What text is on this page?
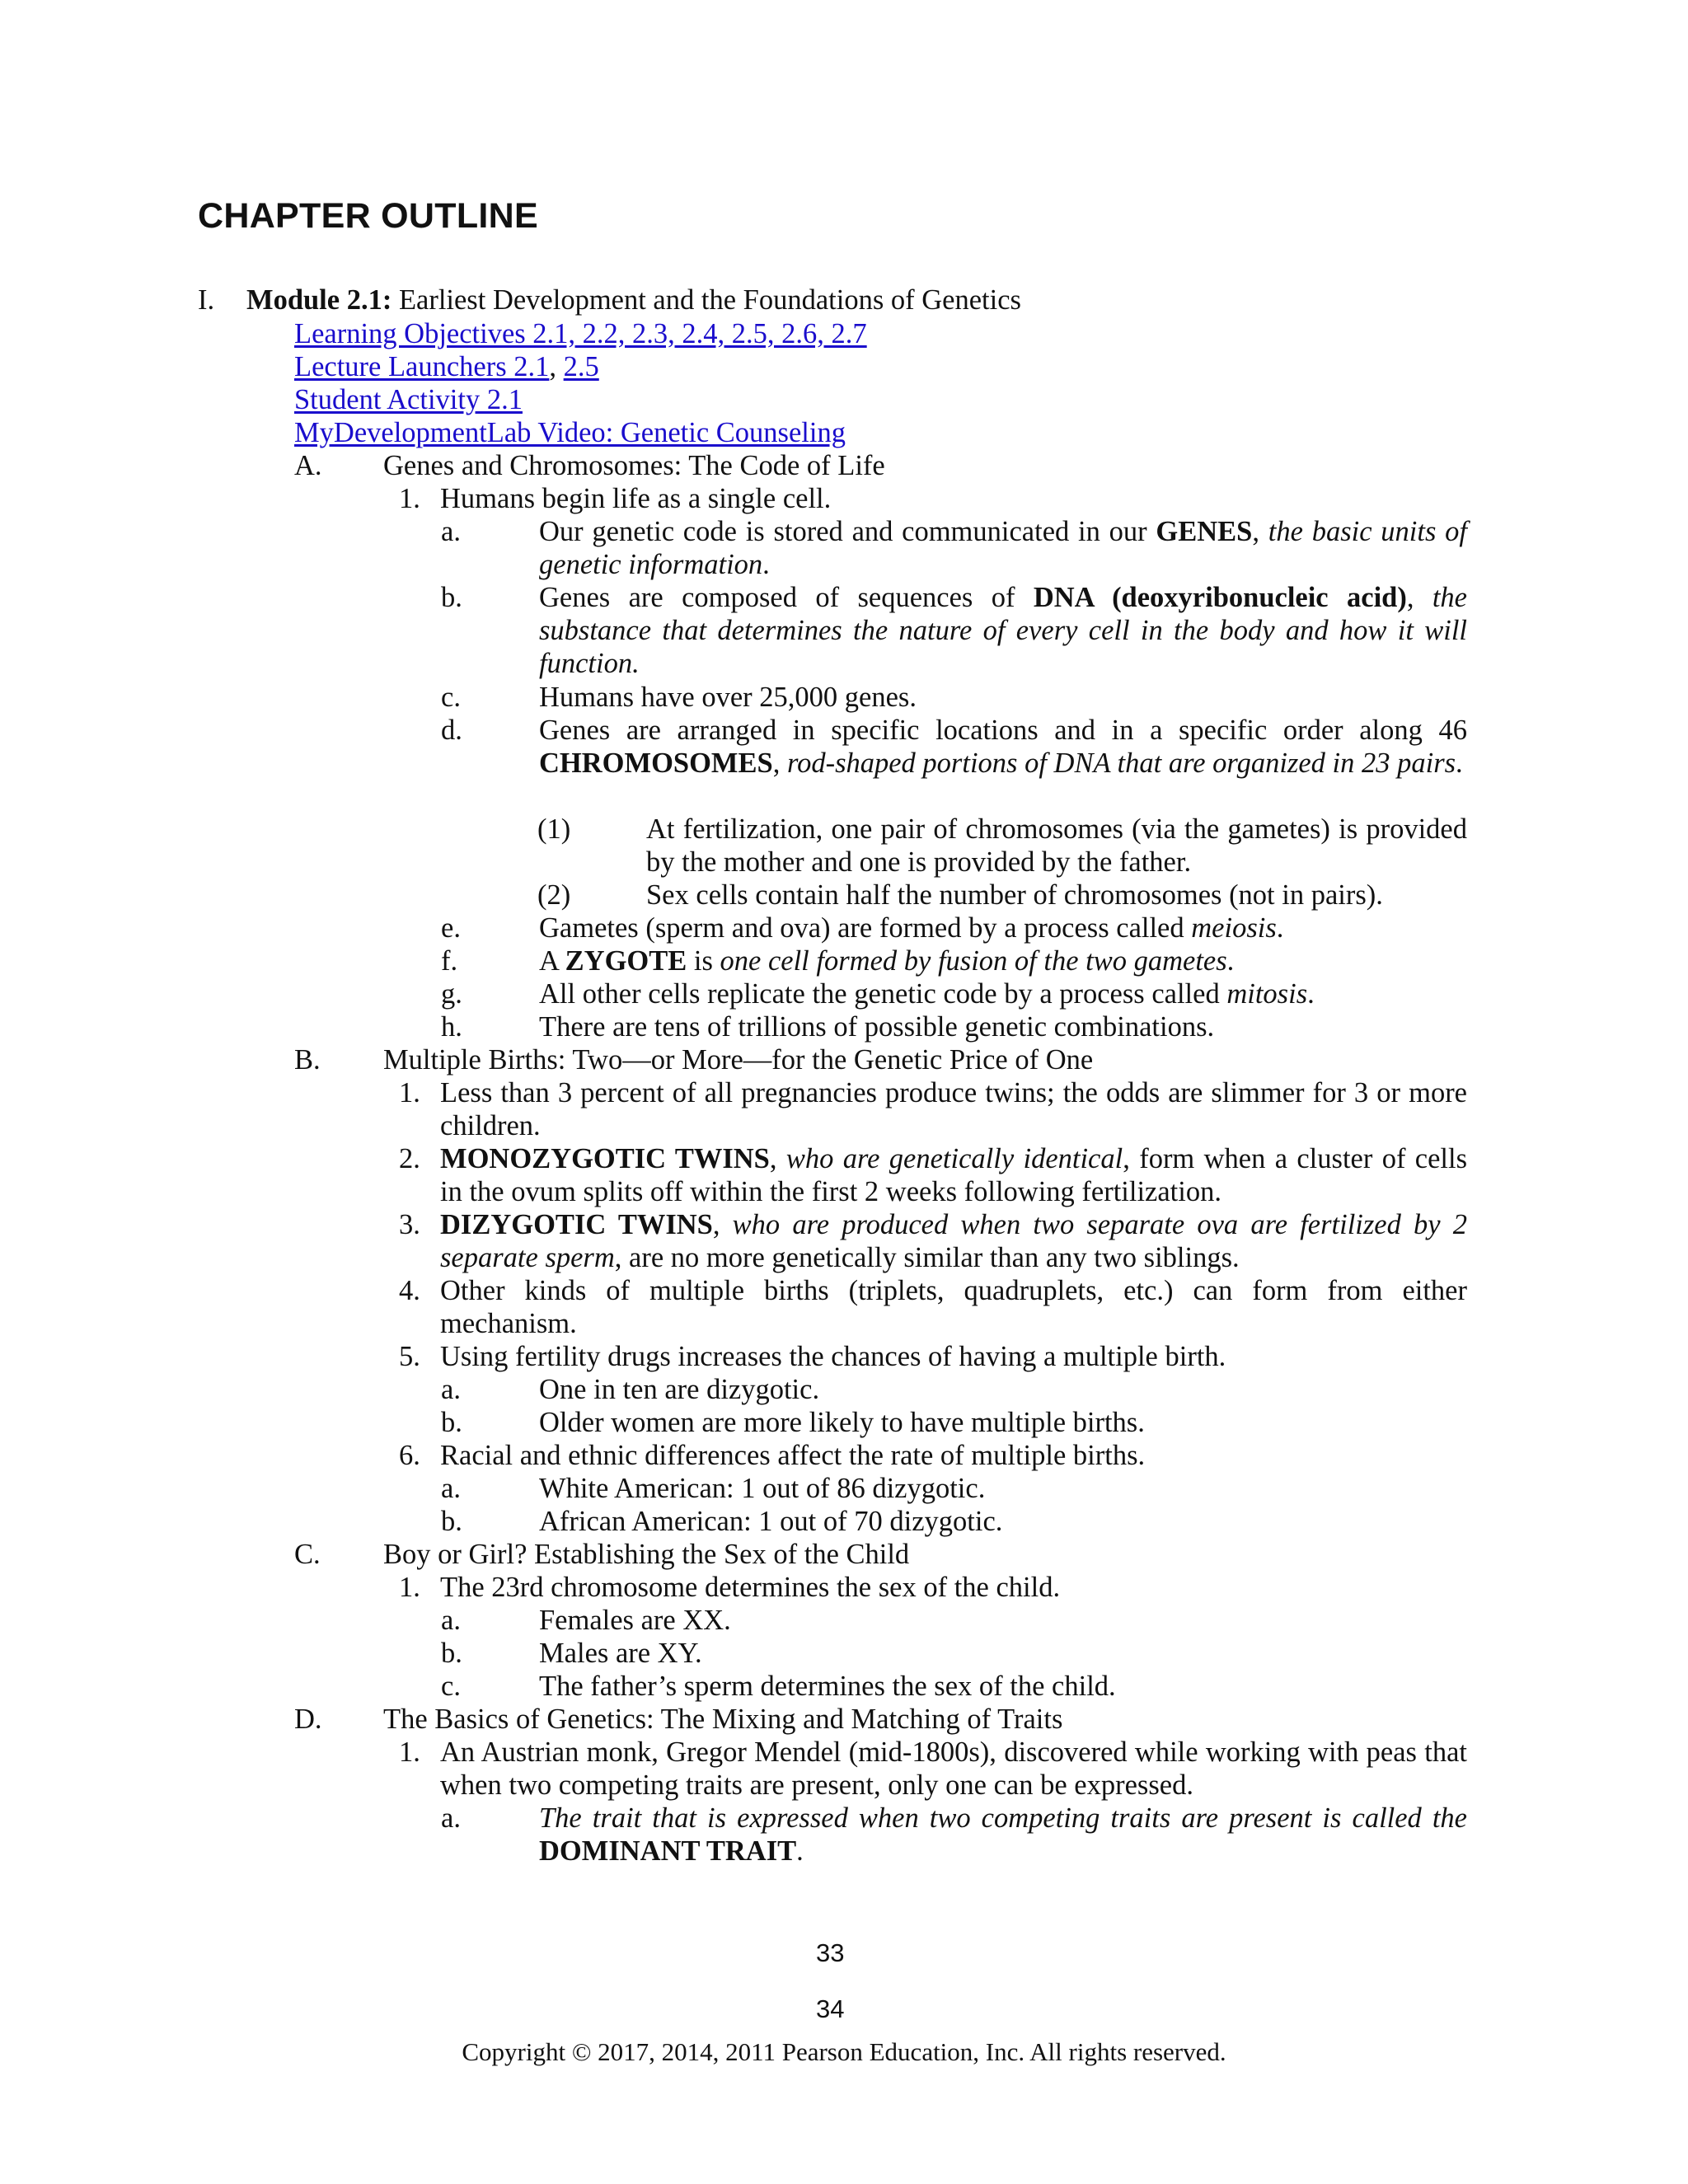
CHAPTER OUTLINE
I. Module 2.1: Earliest Development and the Foundations of Genetics
Learning Objectives 2.1, 2.2, 2.3, 2.4, 2.5, 2.6, 2.7
Lecture Launchers 2.1, 2.5
Student Activity 2.1
MyDevelopmentLab Video: Genetic Counseling
A. Genes and Chromosomes: The Code of Life
1. Humans begin life as a single cell.
a.	Our genetic code is stored and communicated in our GENES, the basic units of genetic information.
b.	Genes are composed of sequences of DNA (deoxyribonucleic acid), the substance that determines the nature of every cell in the body and how it will function.
c.	Humans have over 25,000 genes.
d.	Genes are arranged in specific locations and in a specific order along 46 CHROMOSOMES, rod-shaped portions of DNA that are organized in 23 pairs.
(1)	At fertilization, one pair of chromosomes (via the gametes) is provided by the mother and one is provided by the father.
(2)	Sex cells contain half the number of chromosomes (not in pairs).
e.	Gametes (sperm and ova) are formed by a process called meiosis.
f.	A ZYGOTE is one cell formed by fusion of the two gametes.
g.	All other cells replicate the genetic code by a process called mitosis.
h.	There are tens of trillions of possible genetic combinations.
B. Multiple Births: Two—or More—for the Genetic Price of One
1. Less than 3 percent of all pregnancies produce twins; the odds are slimmer for 3 or more children.
2. MONOZYGOTIC TWINS, who are genetically identical, form when a cluster of cells in the ovum splits off within the first 2 weeks following fertilization.
3. DIZYGOTIC TWINS, who are produced when two separate ova are fertilized by 2 separate sperm, are no more genetically similar than any two siblings.
4. Other kinds of multiple births (triplets, quadruplets, etc.) can form from either mechanism.
5. Using fertility drugs increases the chances of having a multiple birth.
a.	One in ten are dizygotic.
b.	Older women are more likely to have multiple births.
6. Racial and ethnic differences affect the rate of multiple births.
a.	White American: 1 out of 86 dizygotic.
b.	African American: 1 out of 70 dizygotic.
C. Boy or Girl? Establishing the Sex of the Child
1. The 23rd chromosome determines the sex of the child.
a.	Females are XX.
b.	Males are XY.
c.	The father’s sperm determines the sex of the child.
D. The Basics of Genetics: The Mixing and Matching of Traits
1. An Austrian monk, Gregor Mendel (mid-1800s), discovered while working with peas that when two competing traits are present, only one can be expressed.
a.	The trait that is expressed when two competing traits are present is called the DOMINANT TRAIT.
33
34
Copyright © 2017, 2014, 2011 Pearson Education, Inc. All rights reserved.
